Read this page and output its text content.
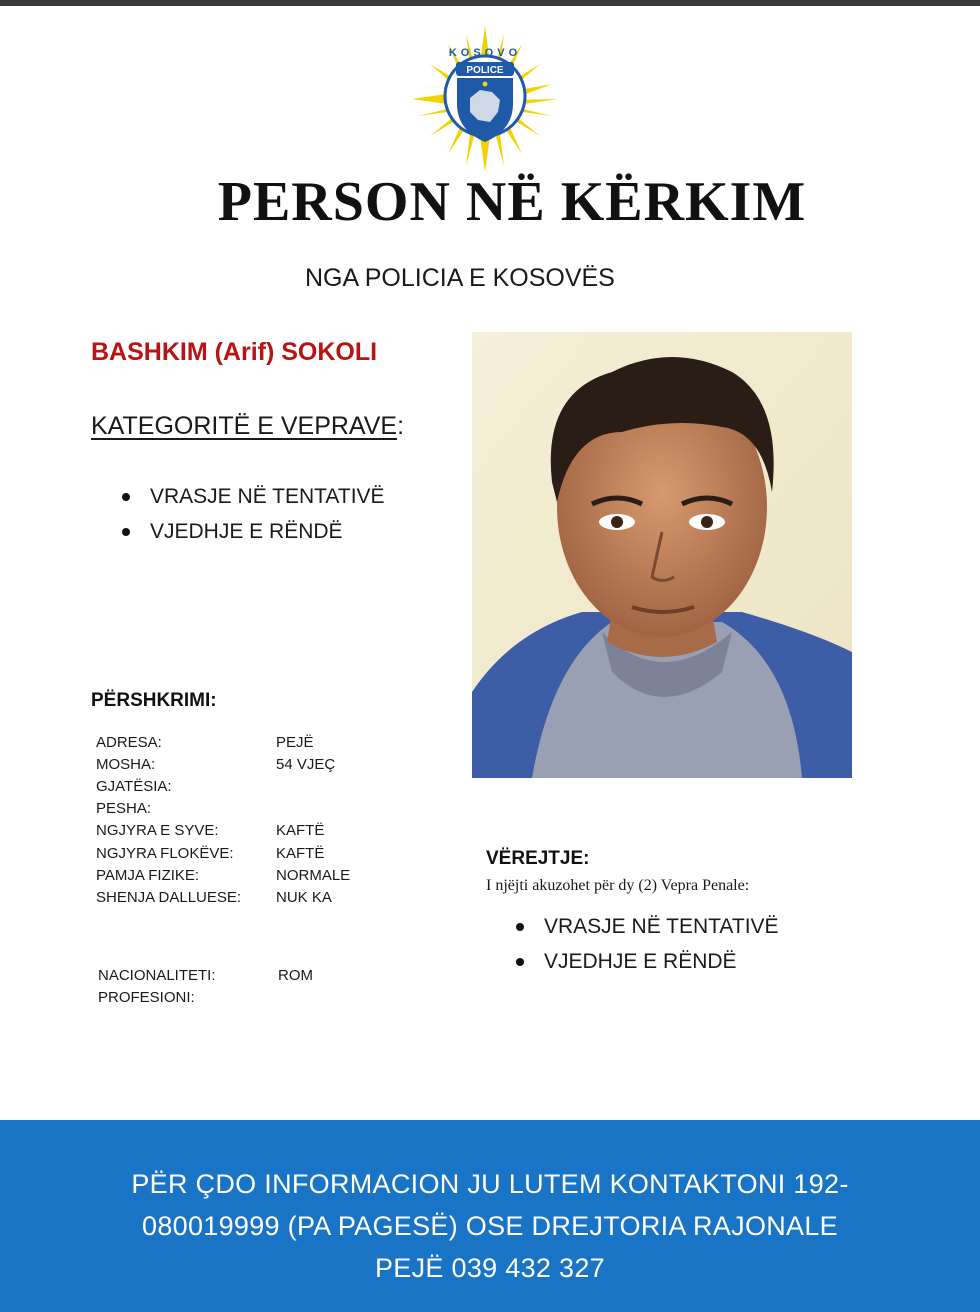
POLICE
KOSOVO
PERSON NË KËRKIM
NGA POLICIA E KOSOVËS
BASHKIM (Arif) SOKOLI
KATEGORITË E VEPRAVE:
VRASJE NË TENTATIVË
VJEDHJE E RËNDË
PËRSHKRIMI:
ADRESA:	PEJË
MOSHA:	54 VJEÇ
GJATËSIA:
PESHA:
NGJYRA E SYVE:	KAFTË
NGJYRA FLOKËVE:	KAFTË
PAMJA FIZIKE:	NORMALE
SHENJA DALLUESE: NUK KA
NACIONALITETI:	ROM
PROFESIONI:
VËREJTJE:
I njëjti akuzohet për dy (2) Vepra Penale:
VRASJE NË TENTATIVË
VJEDHJE E RËNDË
PËR ÇDO INFORMACION JU LUTEM KONTAKTONI 192-
080019999 (PA PAGESË) OSE DREJTORIA RAJONALE
PEJË 039 432 327
